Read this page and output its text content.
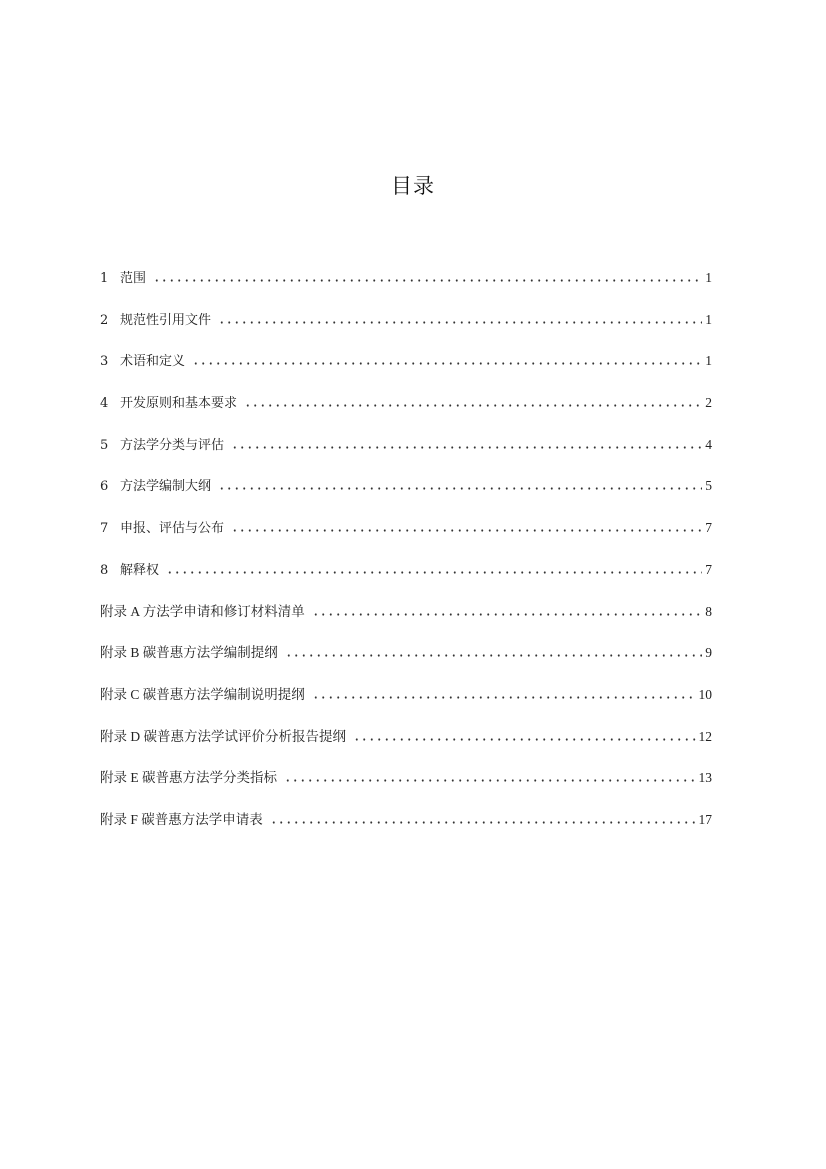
目录
1 范围	1
2 规范性引用文件	1
3 术语和定义	1
4 开发原则和基本要求	2
5 方法学分类与评估	4
6 方法学编制大纲	5
7 申报、评估与公布	7
8 解释权	7
附录 A 方法学申请和修订材料清单	8
附录 B 碳普惠方法学编制提纲	9
附录 C 碳普惠方法学编制说明提纲	10
附录 D 碳普惠方法学试评价分析报告提纲	12
附录 E 碳普惠方法学分类指标	13
附录 F 碳普惠方法学申请表	17
